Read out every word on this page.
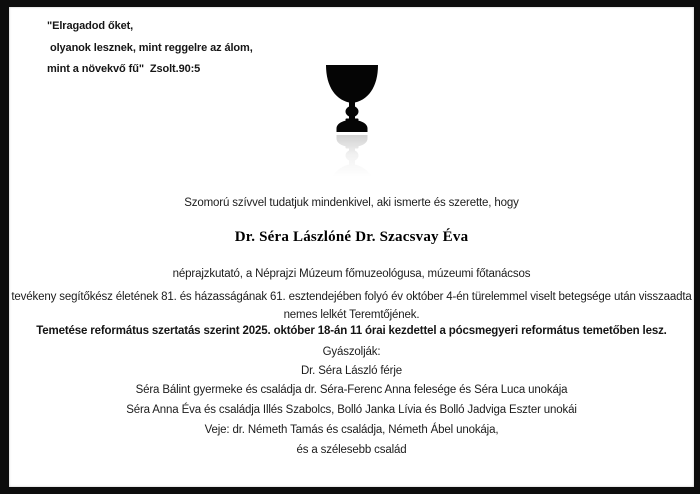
"Elragadod őket,
olyanok lesznek, mint reggelre az álom,
mint a növekvő fű"  Zsolt.90:5
Szomorú szívvel tudatjuk mindenkivel, aki ismerte és szerette, hogy
Dr. Séra Lászlóné Dr. Szacsvay Éva
néprajzkutató, a Néprajzi Múzeum főmuzeológusa, múzeumi főtanácsos
tevékeny segítőkész életének 81. és házasságának 61. esztendejében folyó év október 4-én türelemmel viselt betegsége után visszaadta
nemes lelkét Teremtőjének.
Temetése református szertatás szerint 2025. október 18-án 11 órai kezdettel a pócsmegyeri református temetőben lesz.
Gyászolják:
Dr. Séra László férje
Séra Bálint gyermeke és családja dr. Séra-Ferenc Anna felesége és Séra Luca unokája
Séra Anna Éva és családja Illés Szabolcs, Bolló Janka Lívia és Bolló Jadviga Eszter unokái
Veje: dr. Németh Tamás és családja, Németh Ábel unokája,
és a szélesebb család
